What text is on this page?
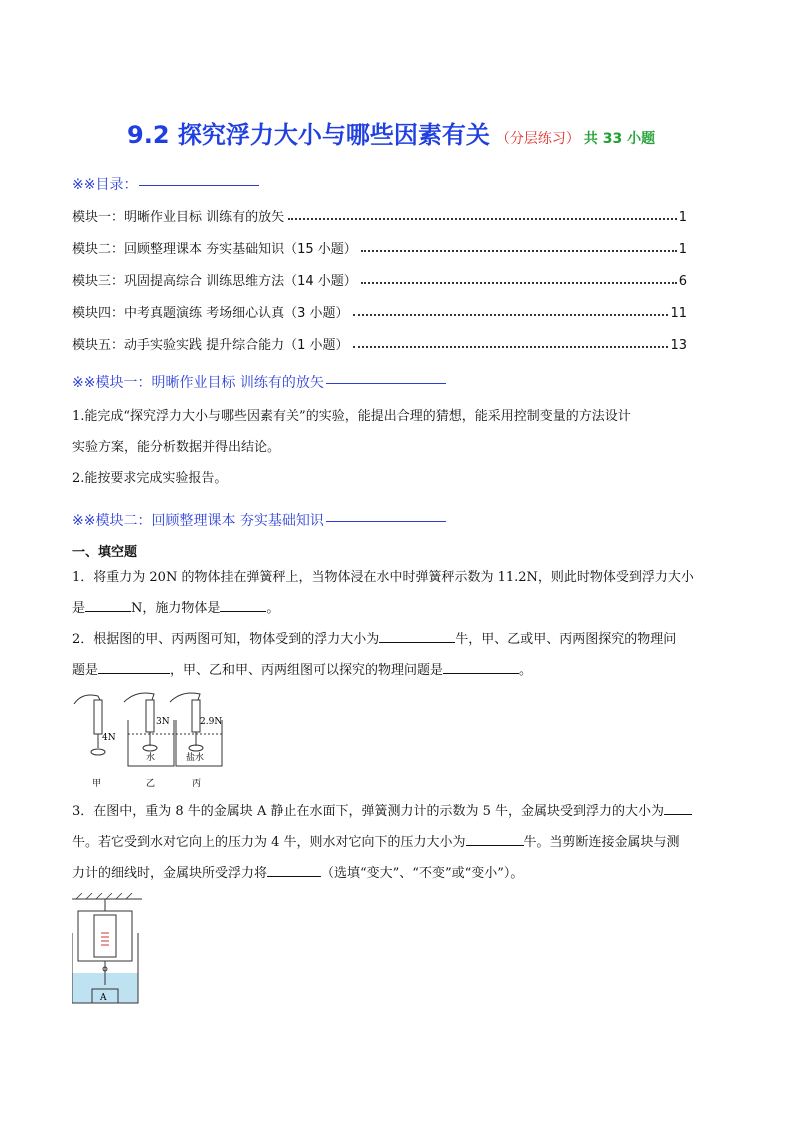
9.2 探究浮力大小与哪些因素有关 （分层练习） 共 33 小题
※※目录：
模块一：明晰作业目标 训练有的放矢	1
模块二：回顾整理课本 夯实基础知识（15 小题）	1
模块三：巩固提高综合 训练思维方法（14 小题）	6
模块四：中考真题演练 考场细心认真（3 小题）	11
模块五：动手实验实践 提升综合能力（1 小题）	13
※※模块一：明晰作业目标 训练有的放矢
1.能完成“探究浮力大小与哪些因素有关”的实验，能提出合理的猜想，能采用控制变量的方法设计
实验方案，能分析数据并得出结论。
2.能按要求完成实验报告。
※※模块二：回顾整理课本 夯实基础知识
一、填空题
1．将重力为 20N 的物体挂在弹簧秤上，当物体浸在水中时弹簧秤示数为 11.2N，则此时物体受到浮力大小
是	N，施力物体是	。
2．根据图的甲、丙两图可知，物体受到的浮力大小为	牛，甲、乙或甲、丙两图探究的物理问
题是	，甲、乙和甲、丙两组图可以探究的物理问题是	。
4N
3N	2.9N
水	盐水
甲	乙	丙
3．在图中，重为 8 牛的金属块 A 静止在水面下，弹簧测力计的示数为 5 牛，金属块受到浮力的大小为
牛。若它受到水对它向上的压力为 4 牛，则水对它向下的压力大小为	牛。当剪断连接金属块与测
力计的细线时，金属块所受浮力将	（选填“变大”、“不变”或“变小”）。
A
